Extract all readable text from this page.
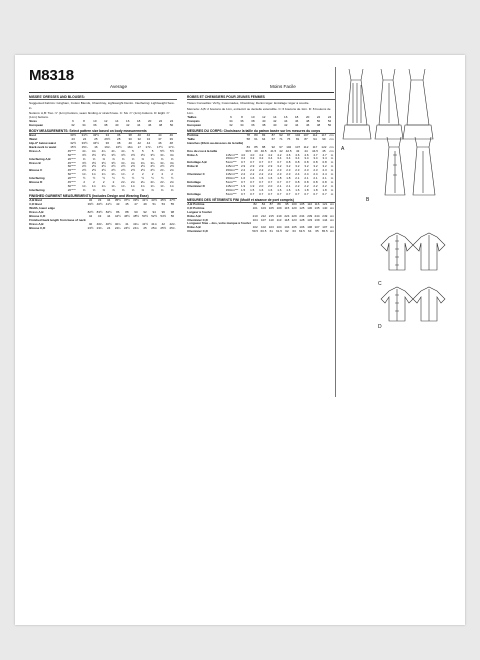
M8318
Average	Moins Facile
MISSES' DRESSES AND BLOUSES:
Suggested Fabrics: Gingham, Cotton Blends, Chambray, Lightweight Denim. Interfacing: Lightweight Sew-in.
Notions: A,B: Two ⅞" (1cm) buttons, seam binding or stretch lace. C: Six ⅞" (1cm) buttons. D: Eight ⅞" (1cm) buttons.
Sizes	6	8	10	12	14	16	18	20	22	24
European	32	34	36	38	40	42	44	46	48	50
BODY MEASUREMENTS: Select pattern size based on body measurements
Bust	30½	31½	32½	34	36	38	40	42	44	46
Waist	23	24	25	26½	28	30	32	34	37	39
Hip-9" below waist	32½	33½	34½	36	38	40	42	44	46	48
Back-neck to waist	15½	15¾	16	16¼	16½	16¾	17	17¼	17½	17¾
Dress A	45"***	4¾	4¾	4¾	4¾	4¾	5	5	5	5½	5½
	60"***	3½	3½	3½	3½	3½	3½	3½	3½	3¾	3¾
Interfacing A,B	20"***	⅜	⅜	⅜	⅜	⅜	⅜	⅜	⅜	⅜	⅜
Dress B	45"***	3½	3½	3½	3½	3¾	3¾	3¾	3¾	3¾	3¾
	60"***	2½	2½	2½	2½	2½	2½	2½	2½	2½	2½
Blouse C	45"***	2½	2½	2½	2½	2½	2½	2½	2½	2¾	2¾
	60"***	1¾	1¾	1¾	1¾	1¾	2	2	2	2	2
Interfacing	20"***	½	½	½	½	½	½	½	½	½	½
Blouse D	45"***	2	2	2	2	2¼	2¼	2¼	2¼	2¼	2¼
	60"***	1¾	1¾	1¾	1¾	1¾	1¾	1¾	1¾	1¾	1¾
Interfacing	20"***	⅜	⅜	⅜	⅜	⅜	⅜	⅜	⅜	⅜	⅜
FINISHED GARMENT MEASUREMENTS (Includes Design and Wearing Ease)
A,B Bust	32	33	34	35½	37½	39½	41½	43½	45½	47½
C,D Bust	39½	40½	41½	43	45	47	49	51	53	55
Width, lower edge										
Dress A,B	82½	83½	84½	86	88	90	92	94	96	98
Blouse C,D	42	43	44	44½	46½	48½	50½	52½	54½	56
Finished back length from base of neck										
Dress A,B	40	40¼	40½	40¾	41	41¼	41½	41¾	42	42¼
Blouse C,D	23½	23¾	24	24¼	24½	24¾	25	25¼	25½	25¾
ROBES ET CHEMISIERS POUR JEUNES FEMMES
Tissus Conseillés: Vichy, Cotonnades, Chambray, Denim léger. Entoilage: léger à coudre.
Mercerie: A,B: 2 boutons de 1cm, extra-fort ou dentelle extensible. C: 6 boutons de 1cm. D: 8 boutons de 1cm.
Tailles	6	8	10	12	14	16	18	20	22	24
Français	34	36	38	40	42	44	46	48	50	52
Européen	32	34	36	38	40	42	44	46	48	50
MESURES DU CORPS: Choisissez la taille du patron basée sur les mesures du corps
Poitrine	78	80	83	87	92	97	102	107	112	117	cm
Taille	58	61	64	67	71	76	81	87	94	99	cm
Hanches (23cm au-dessous de la taille)											
	83	85	88	92	97	102	107	112	117	122	cm
Dos du cou à la taille	39.5	40	40.5	41.5	42	42.5	43	44	44.5	45	cm
Robe A	115cm***	4.0	4.0	4.2	4.2	4.2	4.6	4.6	4.6	4.7	4.7	m
	150cm***	3.2	3.2	3.2	3.4	3.4	3.4	3.4	3.4	3.4	3.4	m
Entoilage A,B	51cm***	0.7	0.7	0.7	0.7	0.7	0.8	0.8	0.8	0.8	0.8	m
Robe B	115cm***	2.9	2.9	2.9	2.9	3.2	3.2	3.2	3.2	3.2	3.2	m
	150cm***	2.2	2.2	2.2	2.2	2.3	2.3	2.3	2.3	2.3	2.3	m
Chemisier C	115cm***	2.2	2.2	2.2	2.2	2.3	2.3	2.4	2.4	2.4	2.4	m
	150cm***	1.6	1.6	1.6	1.6	1.8	1.8	2.1	2.1	2.1	2.1	m
Entoilage	51cm***	0.7	0.7	0.7	0.7	0.7	0.7	0.8	0.8	0.8	0.8	m
Chemisier D	115cm***	1.9	1.9	2.0	2.0	2.1	2.1	2.2	2.2	2.2	2.2	m
	150cm***	1.5	1.5	1.6	1.6	1.6	1.6	1.6	1.8	1.8	1.8	m
Entoilage	51cm***	0.7	0.7	0.7	0.7	0.7	0.7	0.7	0.7	0.7	0.7	m
MESURES DES VÊTEMENTS FINI (Modif et aisance de port compris)
A,B Poitrine	82	84	87	89	95	100	105	110	116	121	cm
C,D Poitrine	101	103	105	109	115	120	125	130	135	140	cm
Largeur à l'ourlet											
Robe A,B	210	212	215	219	224	229	234	239	244	249	cm
Chemisier C,D	104	107	110	113	118	123	128	133	139	144	cm
Longueur finie – dos, votre marque à l'ourlet											
Robe A,B	102	102	103	104	104	105	106	106	107	107	cm
Chemisier C,D	59.5	60.5	61	61.5	62	63	63.5	64	65	65.5	cm
A
B
C
D
